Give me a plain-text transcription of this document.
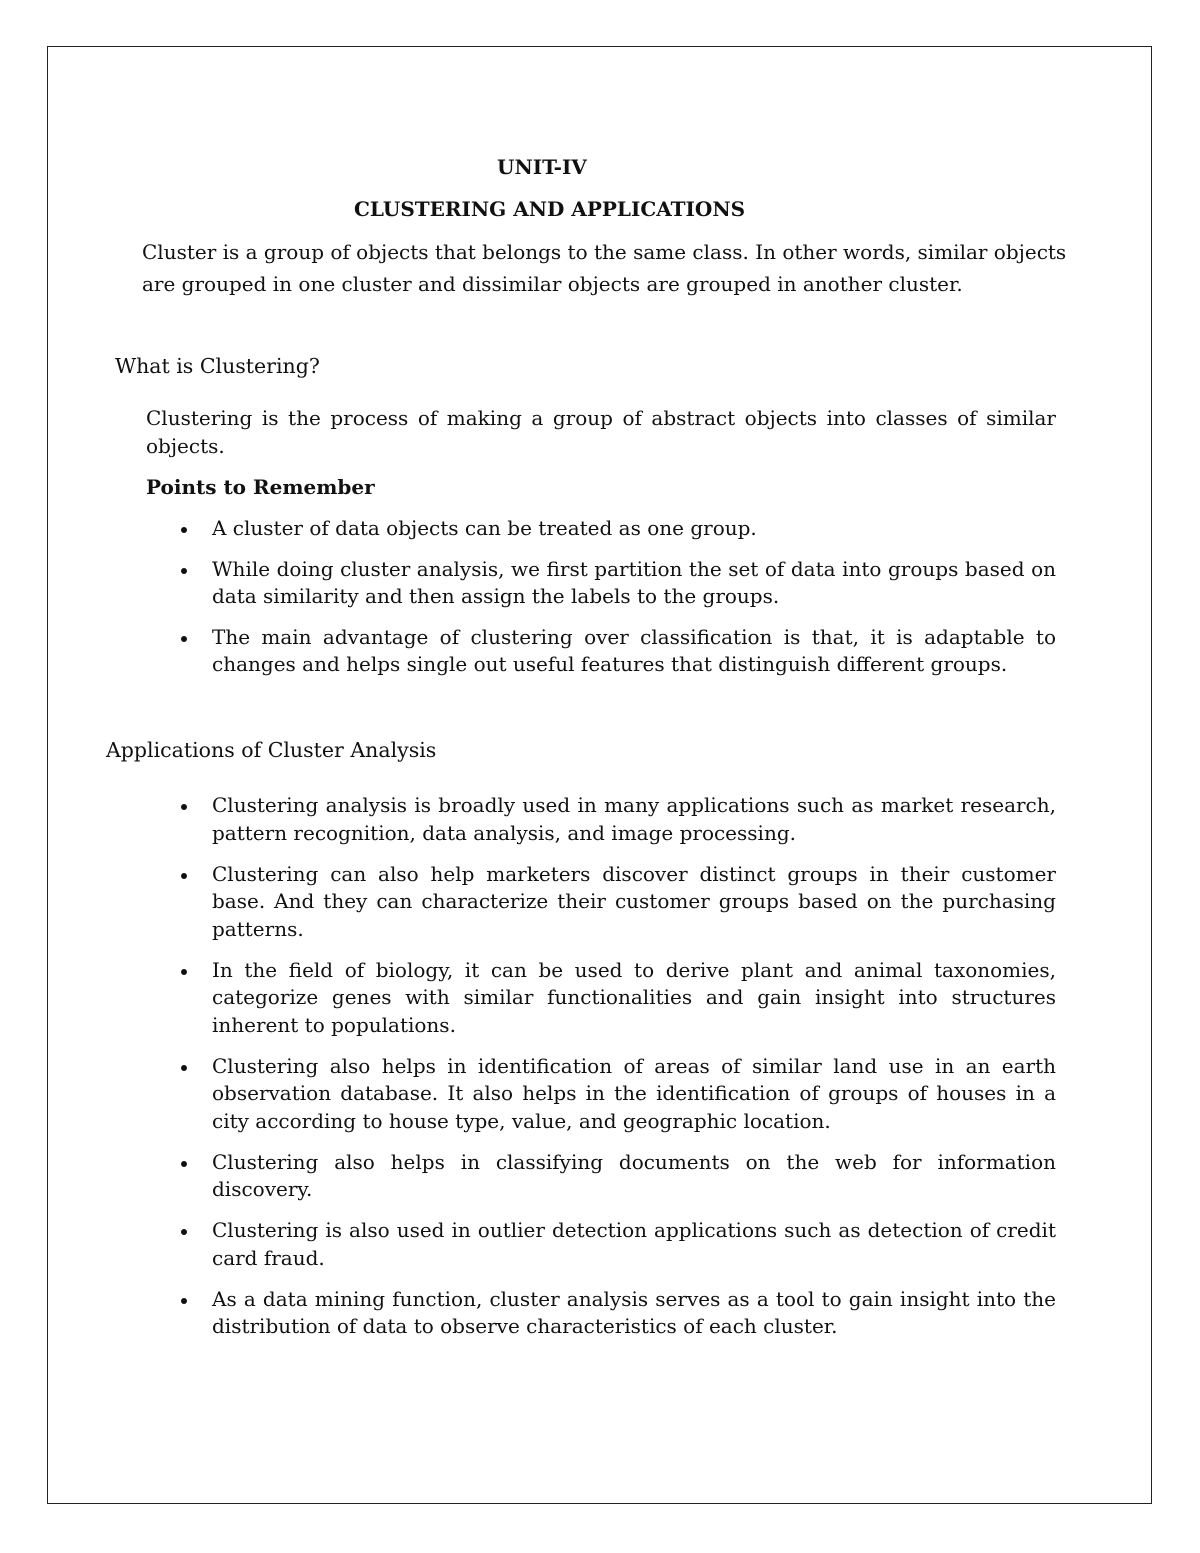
UNIT-IV
CLUSTERING AND APPLICATIONS
Cluster is a group of objects that belongs to the same class. In other words, similar objects are grouped in one cluster and dissimilar objects are grouped in another cluster.
What is Clustering?
Clustering is the process of making a group of abstract objects into classes of similar objects.
Points to Remember
A cluster of data objects can be treated as one group.
While doing cluster analysis, we first partition the set of data into groups based on data similarity and then assign the labels to the groups.
The main advantage of clustering over classification is that, it is adaptable to changes and helps single out useful features that distinguish different groups.
Applications of Cluster Analysis
Clustering analysis is broadly used in many applications such as market research, pattern recognition, data analysis, and image processing.
Clustering can also help marketers discover distinct groups in their customer base. And they can characterize their customer groups based on the purchasing patterns.
In the field of biology, it can be used to derive plant and animal taxonomies, categorize genes with similar functionalities and gain insight into structures inherent to populations.
Clustering also helps in identification of areas of similar land use in an earth observation database. It also helps in the identification of groups of houses in a city according to house type, value, and geographic location.
Clustering also helps in classifying documents on the web for information discovery.
Clustering is also used in outlier detection applications such as detection of credit card fraud.
As a data mining function, cluster analysis serves as a tool to gain insight into the distribution of data to observe characteristics of each cluster.
